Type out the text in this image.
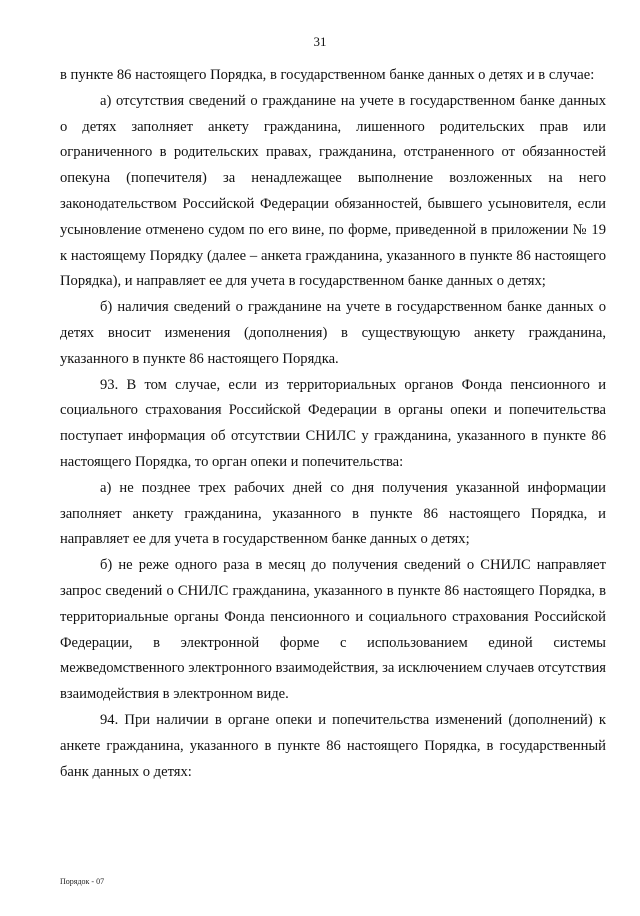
31

в пункте 86 настоящего Порядка, в государственном банке данных о детях и в случае:

а) отсутствия сведений о гражданине на учете в государственном банке данных о детях заполняет анкету гражданина, лишенного родительских прав или ограниченного в родительских правах, гражданина, отстраненного от обязанностей опекуна (попечителя) за ненадлежащее выполнение возложенных на него законодательством Российской Федерации обязанностей, бывшего усыновителя, если усыновление отменено судом по его вине, по форме, приведенной в приложении № 19 к настоящему Порядку (далее – анкета гражданина, указанного в пункте 86 настоящего Порядка), и направляет ее для учета в государственном банке данных о детях;

б) наличия сведений о гражданине на учете в государственном банке данных о детях вносит изменения (дополнения) в существующую анкету гражданина, указанного в пункте 86 настоящего Порядка.

93. В том случае, если из территориальных органов Фонда пенсионного и социального страхования Российской Федерации в органы опеки и попечительства поступает информация об отсутствии СНИЛС у гражданина, указанного в пункте 86 настоящего Порядка, то орган опеки и попечительства:

а) не позднее трех рабочих дней со дня получения указанной информации заполняет анкету гражданина, указанного в пункте 86 настоящего Порядка, и направляет ее для учета в государственном банке данных о детях;

б) не реже одного раза в месяц до получения сведений о СНИЛС направляет запрос сведений о СНИЛС гражданина, указанного в пункте 86 настоящего Порядка, в территориальные органы Фонда пенсионного и социального страхования Российской Федерации, в электронной форме с использованием единой системы межведомственного электронного взаимодействия, за исключением случаев отсутствия взаимодействия в электронном виде.

94. При наличии в органе опеки и попечительства изменений (дополнений) к анкете гражданина, указанного в пункте 86 настоящего Порядка, в государственный банк данных о детях:

Порядок - 07
